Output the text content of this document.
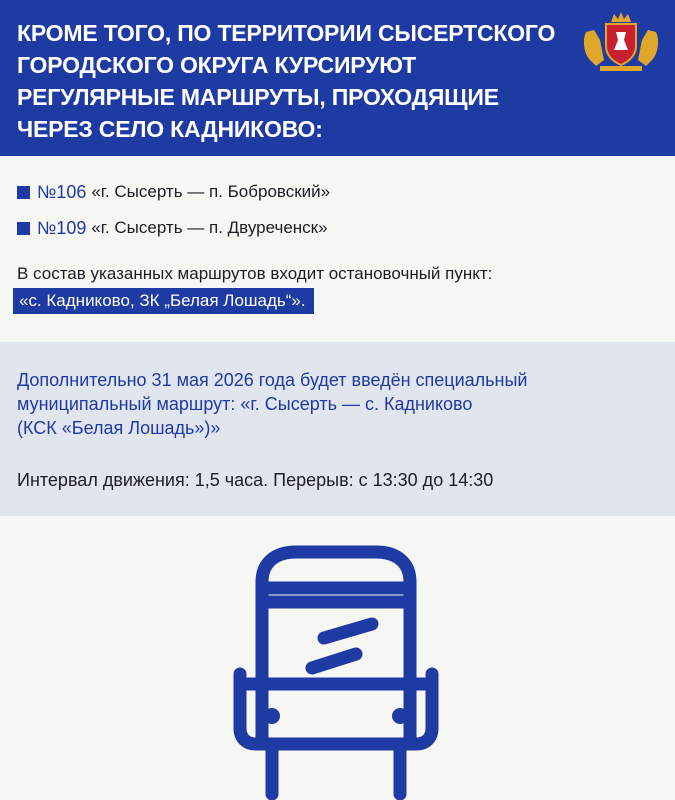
КРОМЕ ТОГО, ПО ТЕРРИТОРИИ СЫСЕРТСКОГО
ГОРОДСКОГО ОКРУГА КУРСИРУЮТ
РЕГУЛЯРНЫЕ МАРШРУТЫ, ПРОХОДЯЩИЕ
ЧЕРЕЗ СЕЛО КАДНИКОВО:
№106 «г. Сысерть — п. Бобровский»
№109 «г. Сысерть — п. Двуреченск»
В состав указанных маршрутов входит остановочный пункт:
«с. Кадниково, ЗК „Белая Лошадь“».
Дополнительно 31 мая 2026 года будет введён специальный
муниципальный маршрут: «г. Сысерть — с. Кадниково
(КСК «Белая Лошадь»)»
Интервал движения: 1,5 часа. Перерыв: с 13:30 до 14:30
